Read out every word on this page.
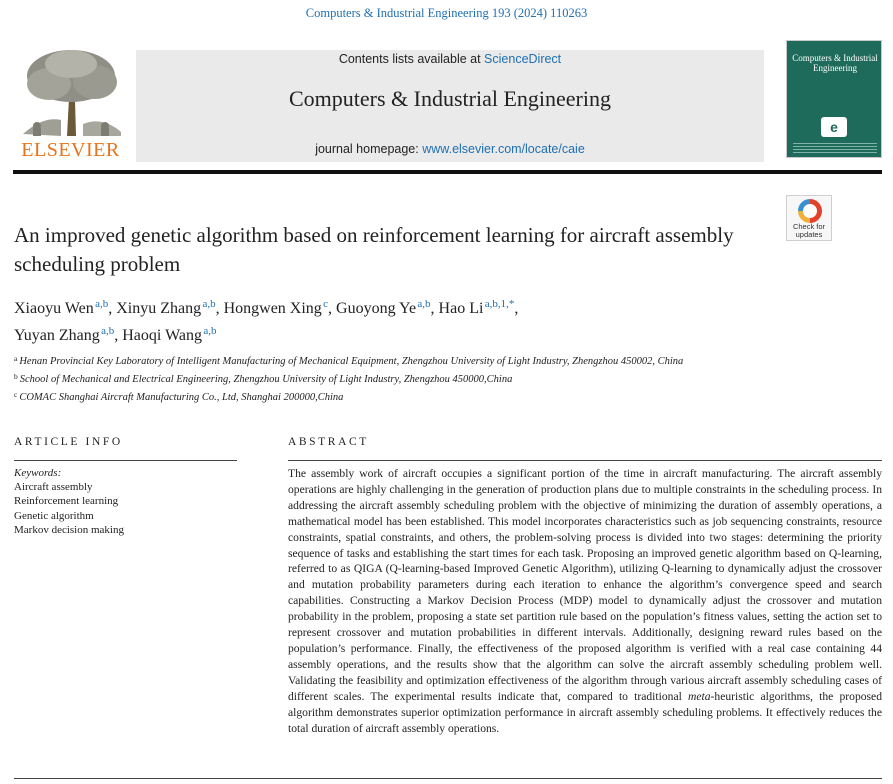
Computers & Industrial Engineering 193 (2024) 110263
ELSEVIER
Contents lists available at ScienceDirect
Computers & Industrial Engineering
journal homepage: www.elsevier.com/locate/caie
Computers & Industrial Engineering
e
Check for
updates
An improved genetic algorithm based on reinforcement learning for aircraft assembly scheduling problem
Xiaoyu Wen $^{a,b}$, Xinyu Zhang $^{a,b}$, Hongwen Xing $^c$, Guoyong Ye $^{a,b}$, Hao Li $^{a,b,1,*}$,
Yuyan Zhang $^{a,b}$, Haoqi Wang $^{a,b}$
$^a$ Henan Provincial Key Laboratory of Intelligent Manufacturing of Mechanical Equipment, Zhengzhou University of Light Industry, Zhengzhou 450002, China
$^b$ School of Mechanical and Electrical Engineering, Zhengzhou University of Light Industry, Zhengzhou 450000,China
$^c$ COMAC Shanghai Aircraft Manufacturing Co., Ltd, Shanghai 200000,China
ARTICLE INFO	ABSTRACT
Keywords:
Aircraft assembly
Reinforcement learning
Genetic algorithm
Markov decision making
The assembly work of aircraft occupies a significant portion of the time in aircraft manufacturing. The aircraft assembly operations are highly challenging in the generation of production plans due to multiple constraints in the scheduling process. In addressing the aircraft assembly scheduling problem with the objective of minimizing the duration of assembly operations, a mathematical model has been established. This model incorporates characteristics such as job sequencing constraints, resource constraints, spatial constraints, and others, the problem-solving process is divided into two stages: determining the priority sequence of tasks and establishing the start times for each task. Proposing an improved genetic algorithm based on Q-learning, referred to as QIGA (Q-learning-based Improved Genetic Algorithm), utilizing Q-learning to dynamically adjust the crossover and mutation probability parameters during each iteration to enhance the algorithm’s convergence speed and search capabilities. Constructing a Markov Decision Process (MDP) model to dynamically adjust the crossover and mutation probability in the problem, proposing a state set partition rule based on the population’s fitness values, setting the action set to represent crossover and mutation probabilities in different intervals. Additionally, designing reward rules based on the population’s performance. Finally, the effectiveness of the proposed algorithm is verified with a real case containing 44 assembly operations, and the results show that the algorithm can solve the aircraft assembly scheduling problem well. Validating the feasibility and optimization effectiveness of the algorithm through various aircraft assembly scheduling cases of different scales. The experimental results indicate that, compared to traditional meta-heuristic algorithms, the proposed algorithm demonstrates superior optimization performance in aircraft assembly scheduling problems. It effectively reduces the total duration of aircraft assembly operations.
